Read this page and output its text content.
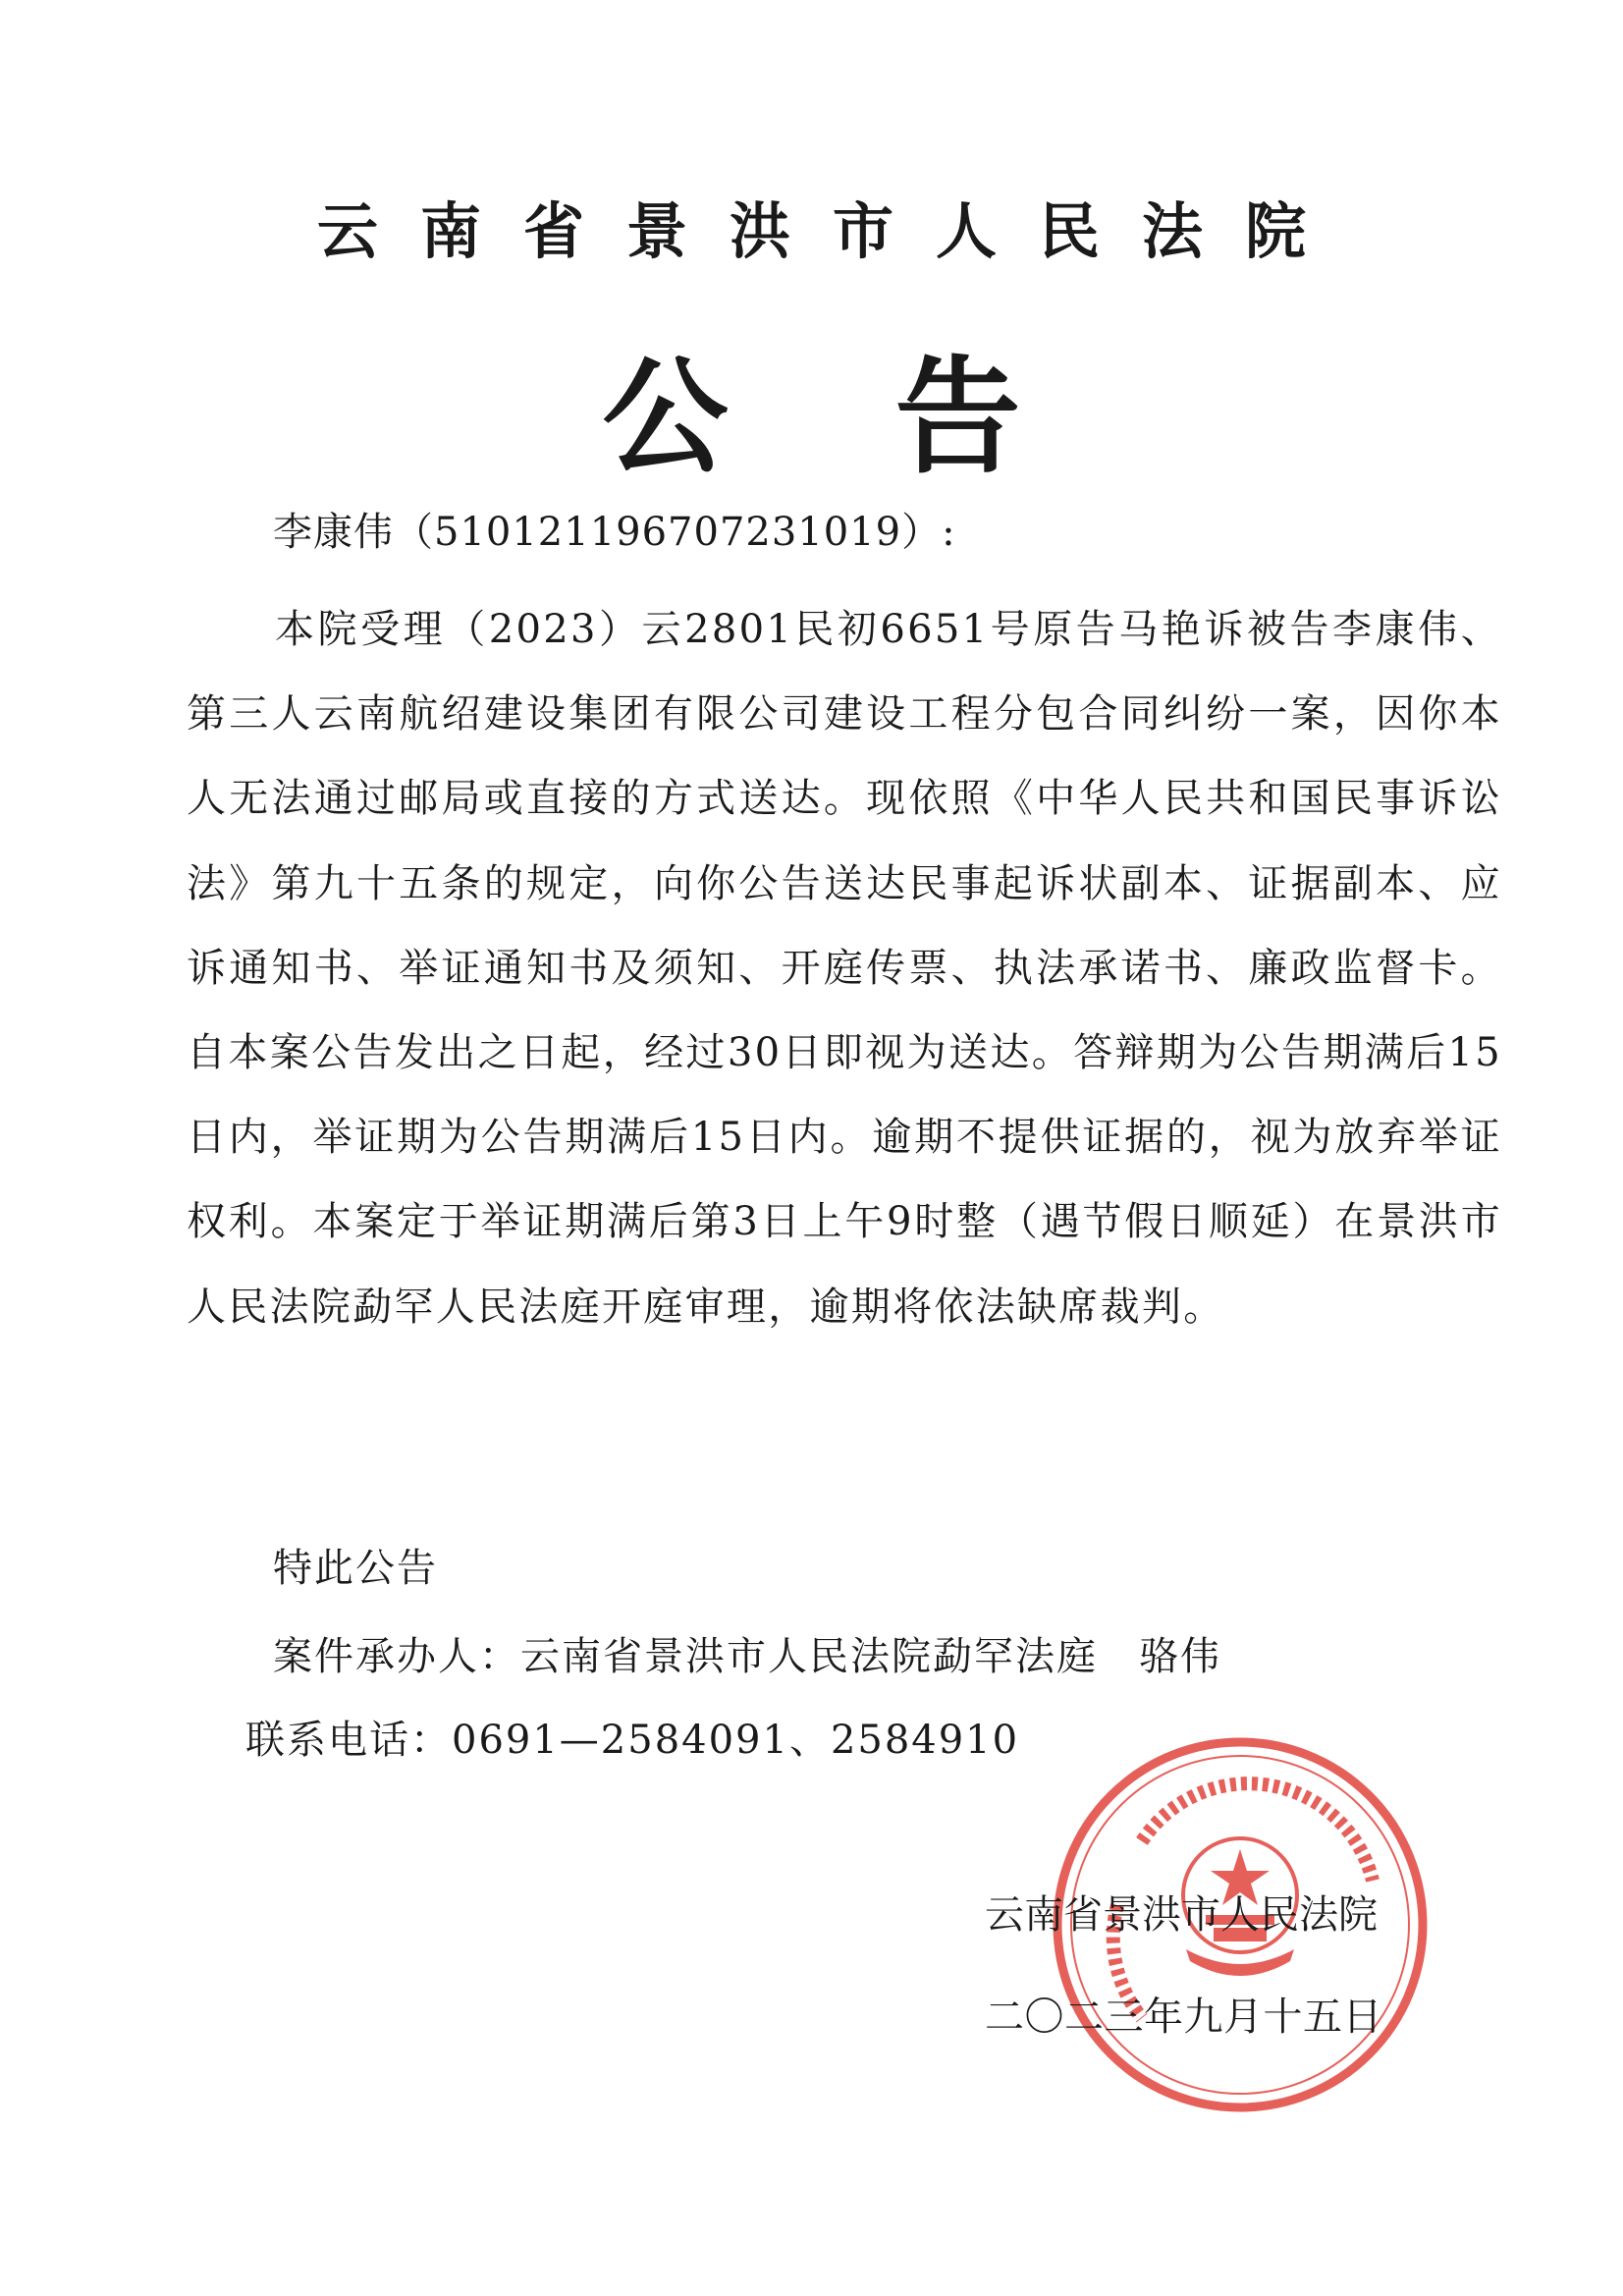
云南省景洪市人民法院
公告
李康伟（510121196707231019）:

本院受理（2023）云2801民初6651号原告马艳诉被告李康伟、第三人云南航绍建设集团有限公司建设工程分包合同纠纷一案，因你本人无法通过邮局或直接的方式送达。现依照《中华人民共和国民事诉讼法》第九十五条的规定，向你公告送达民事起诉状副本、证据副本、应诉通知书、举证通知书及须知、开庭传票、执法承诺书、廉政监督卡。自本案公告发出之日起，经过30日即视为送达。答辩期为公告期满后15日内，举证期为公告期满后15日内。逾期不提供证据的，视为放弃举证权利。本案定于举证期满后第3日上午9时整（遇节假日顺延）在景洪市人民法院勐罕人民法庭开庭审理，逾期将依法缺席裁判。

特此公告
案件承办人：云南省景洪市人民法院勐罕法庭　骆伟
联系电话：0691—2584091、2584910
云南省景洪市人民法院
二〇二三年九月十五日
